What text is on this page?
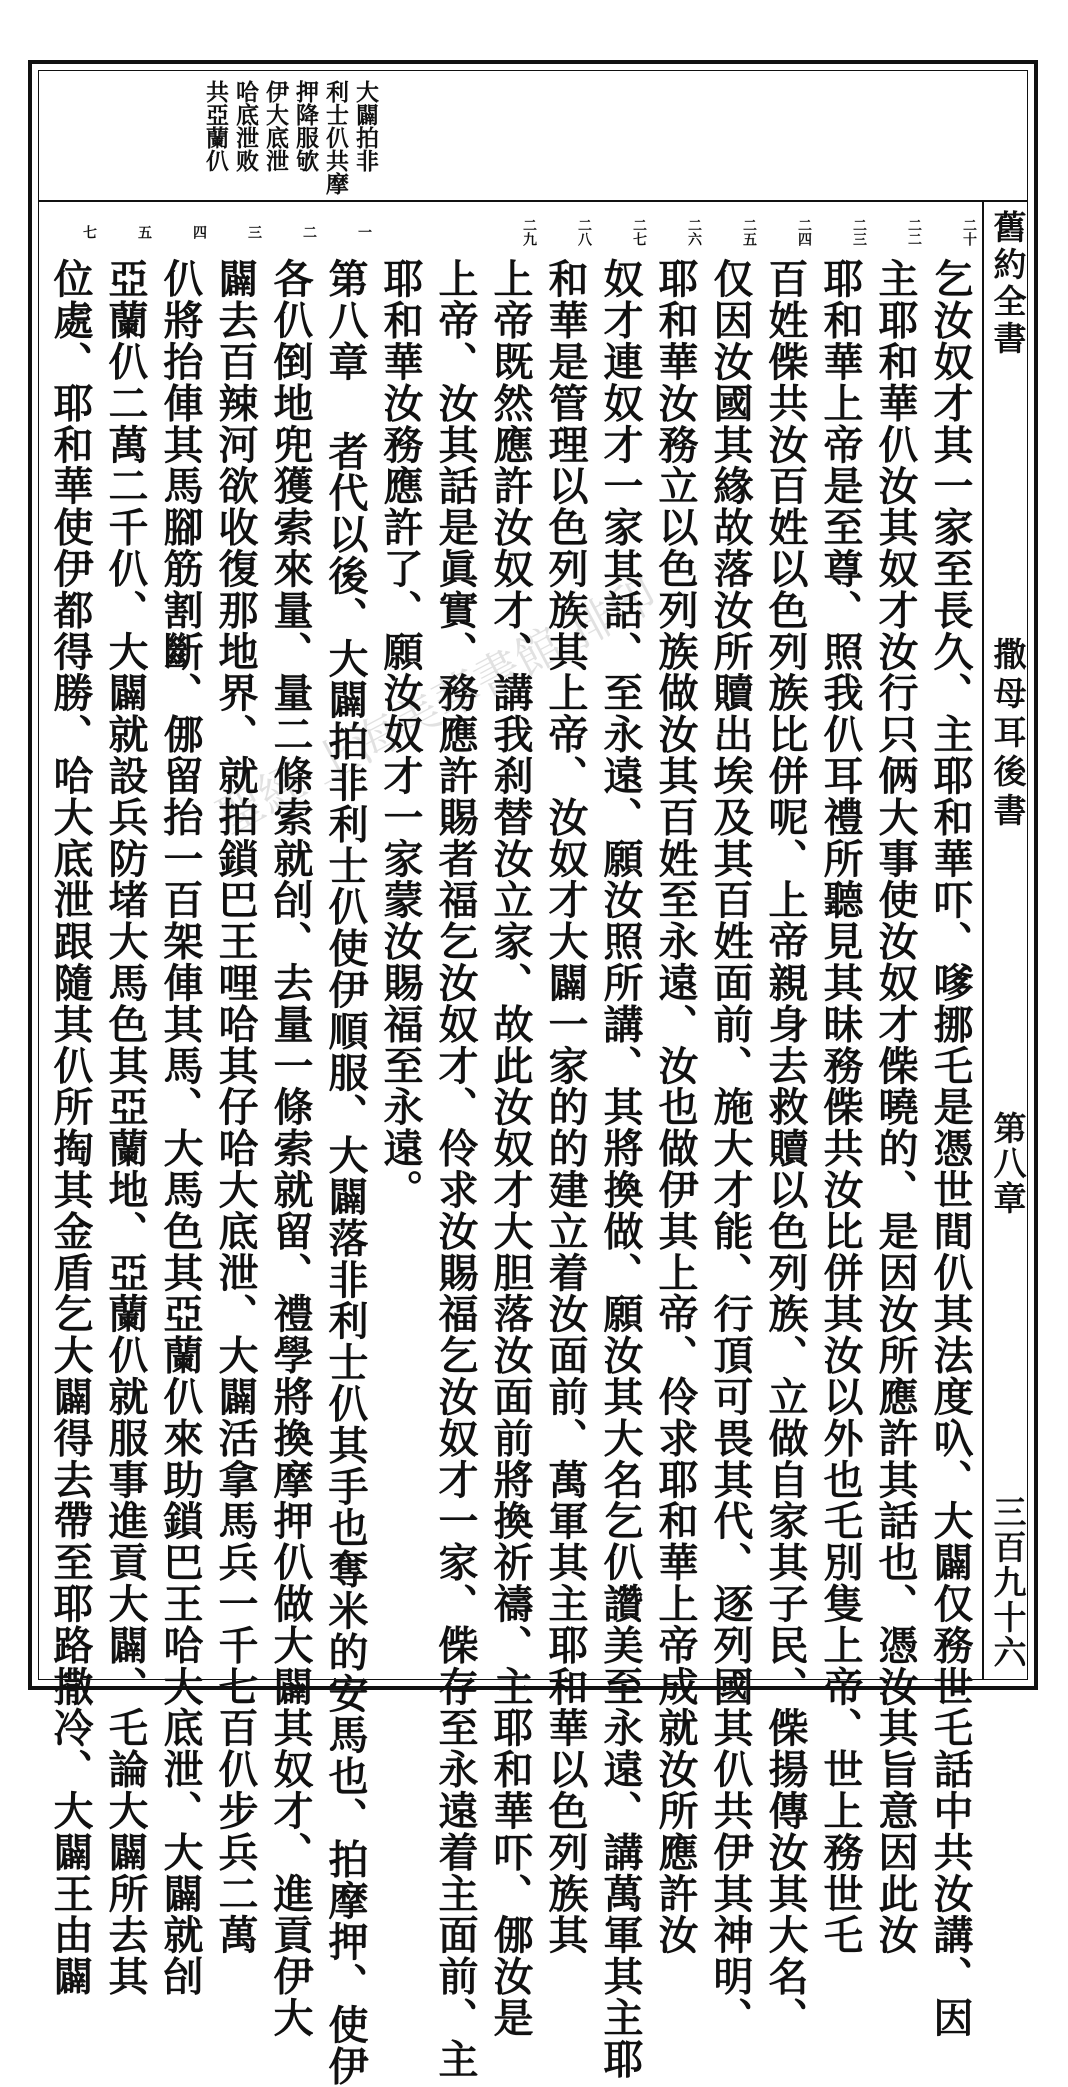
舊約全書
撒母耳後書
第八章
三百九十六
大闢拍非
利士仈共摩
押降服欨
伊大底泄
哈底泄败
共亞蘭仈
二十
乞汝奴才其一家至長久、主耶和華吓、嗲挪乇是憑世間仈其法度叺、大闢仅務世乇話中共汝講、因
二二
主耶和華仈汝其奴才汝行只俩大事使汝奴才偨曉的、是因汝所應許其話也、憑汝其旨意因此汝
二三
耶和華上帝是至尊、照我仈耳禮所聽見其昧務偨共汝比併其汝以外也乇別隻上帝、世上務世乇
二四
百姓偨共汝百姓以色列族比併呢、上帝親身去救贖以色列族、立做自家其子民、偨揚傳汝其大名、
二五
仅因汝國其緣故落汝所贖出埃及其百姓面前、施大才能、行頂可畏其代、逐列國其仈共伊其神明、
二六
耶和華汝務立以色列族做汝其百姓至永遠、汝也做伊其上帝、伶求耶和華上帝成就汝所應許汝
二七
奴才連奴才一家其話、至永遠、願汝照所講、其將換做、願汝其大名乞仈讚美至永遠、講萬軍其主耶
二八
和華是管理以色列族其上帝、汝奴才大闢一家的的建立着汝面前、萬軍其主耶和華以色列族其
二九
上帝既然應許汝奴才、講我刹替汝立家、故此汝奴才大胆落汝面前將換祈禱、主耶和華吓、㑚汝是
上帝、汝其話是眞實、務應許賜者福乞汝奴才、伶求汝賜福乞汝奴才一家、偨存至永遠着主面前、主
耶和華汝務應許了、願汝奴才一家蒙汝賜福至永遠。
一
第八章 者代以後、大闢拍非利士仈使伊順服、大闢落非利士仈其手也奪米的安馬也、拍摩押、使伊
二
各仈倒地兜獲索來量、量二條索就刣、去量一條索就留、禮學將換摩押仈做大闢其奴才、進貢伊大
三
闢去百辣河欲收復那地界、就拍鎖巴王哩哈其仔哈大底泄、大闢活拿馬兵一千七百仈步兵二萬
四
仈將抬俥其馬腳筋割斷、㑚留抬一百架俥其馬、大馬色其亞蘭仈來助鎖巴王哈大底泄、大闢就刣
五
亞蘭仈二萬二千仈、大闢就設兵防堵大馬色其亞蘭地、亞蘭仈就服事進貢大闢、乇論大闢所去其
七
位處、耶和華使伊都得勝、哈大底泄跟隨其仈所掏其金盾乞大闢得去帶至耶路撒冷、大闢王由闢	聖經 上海美華書館 排印
